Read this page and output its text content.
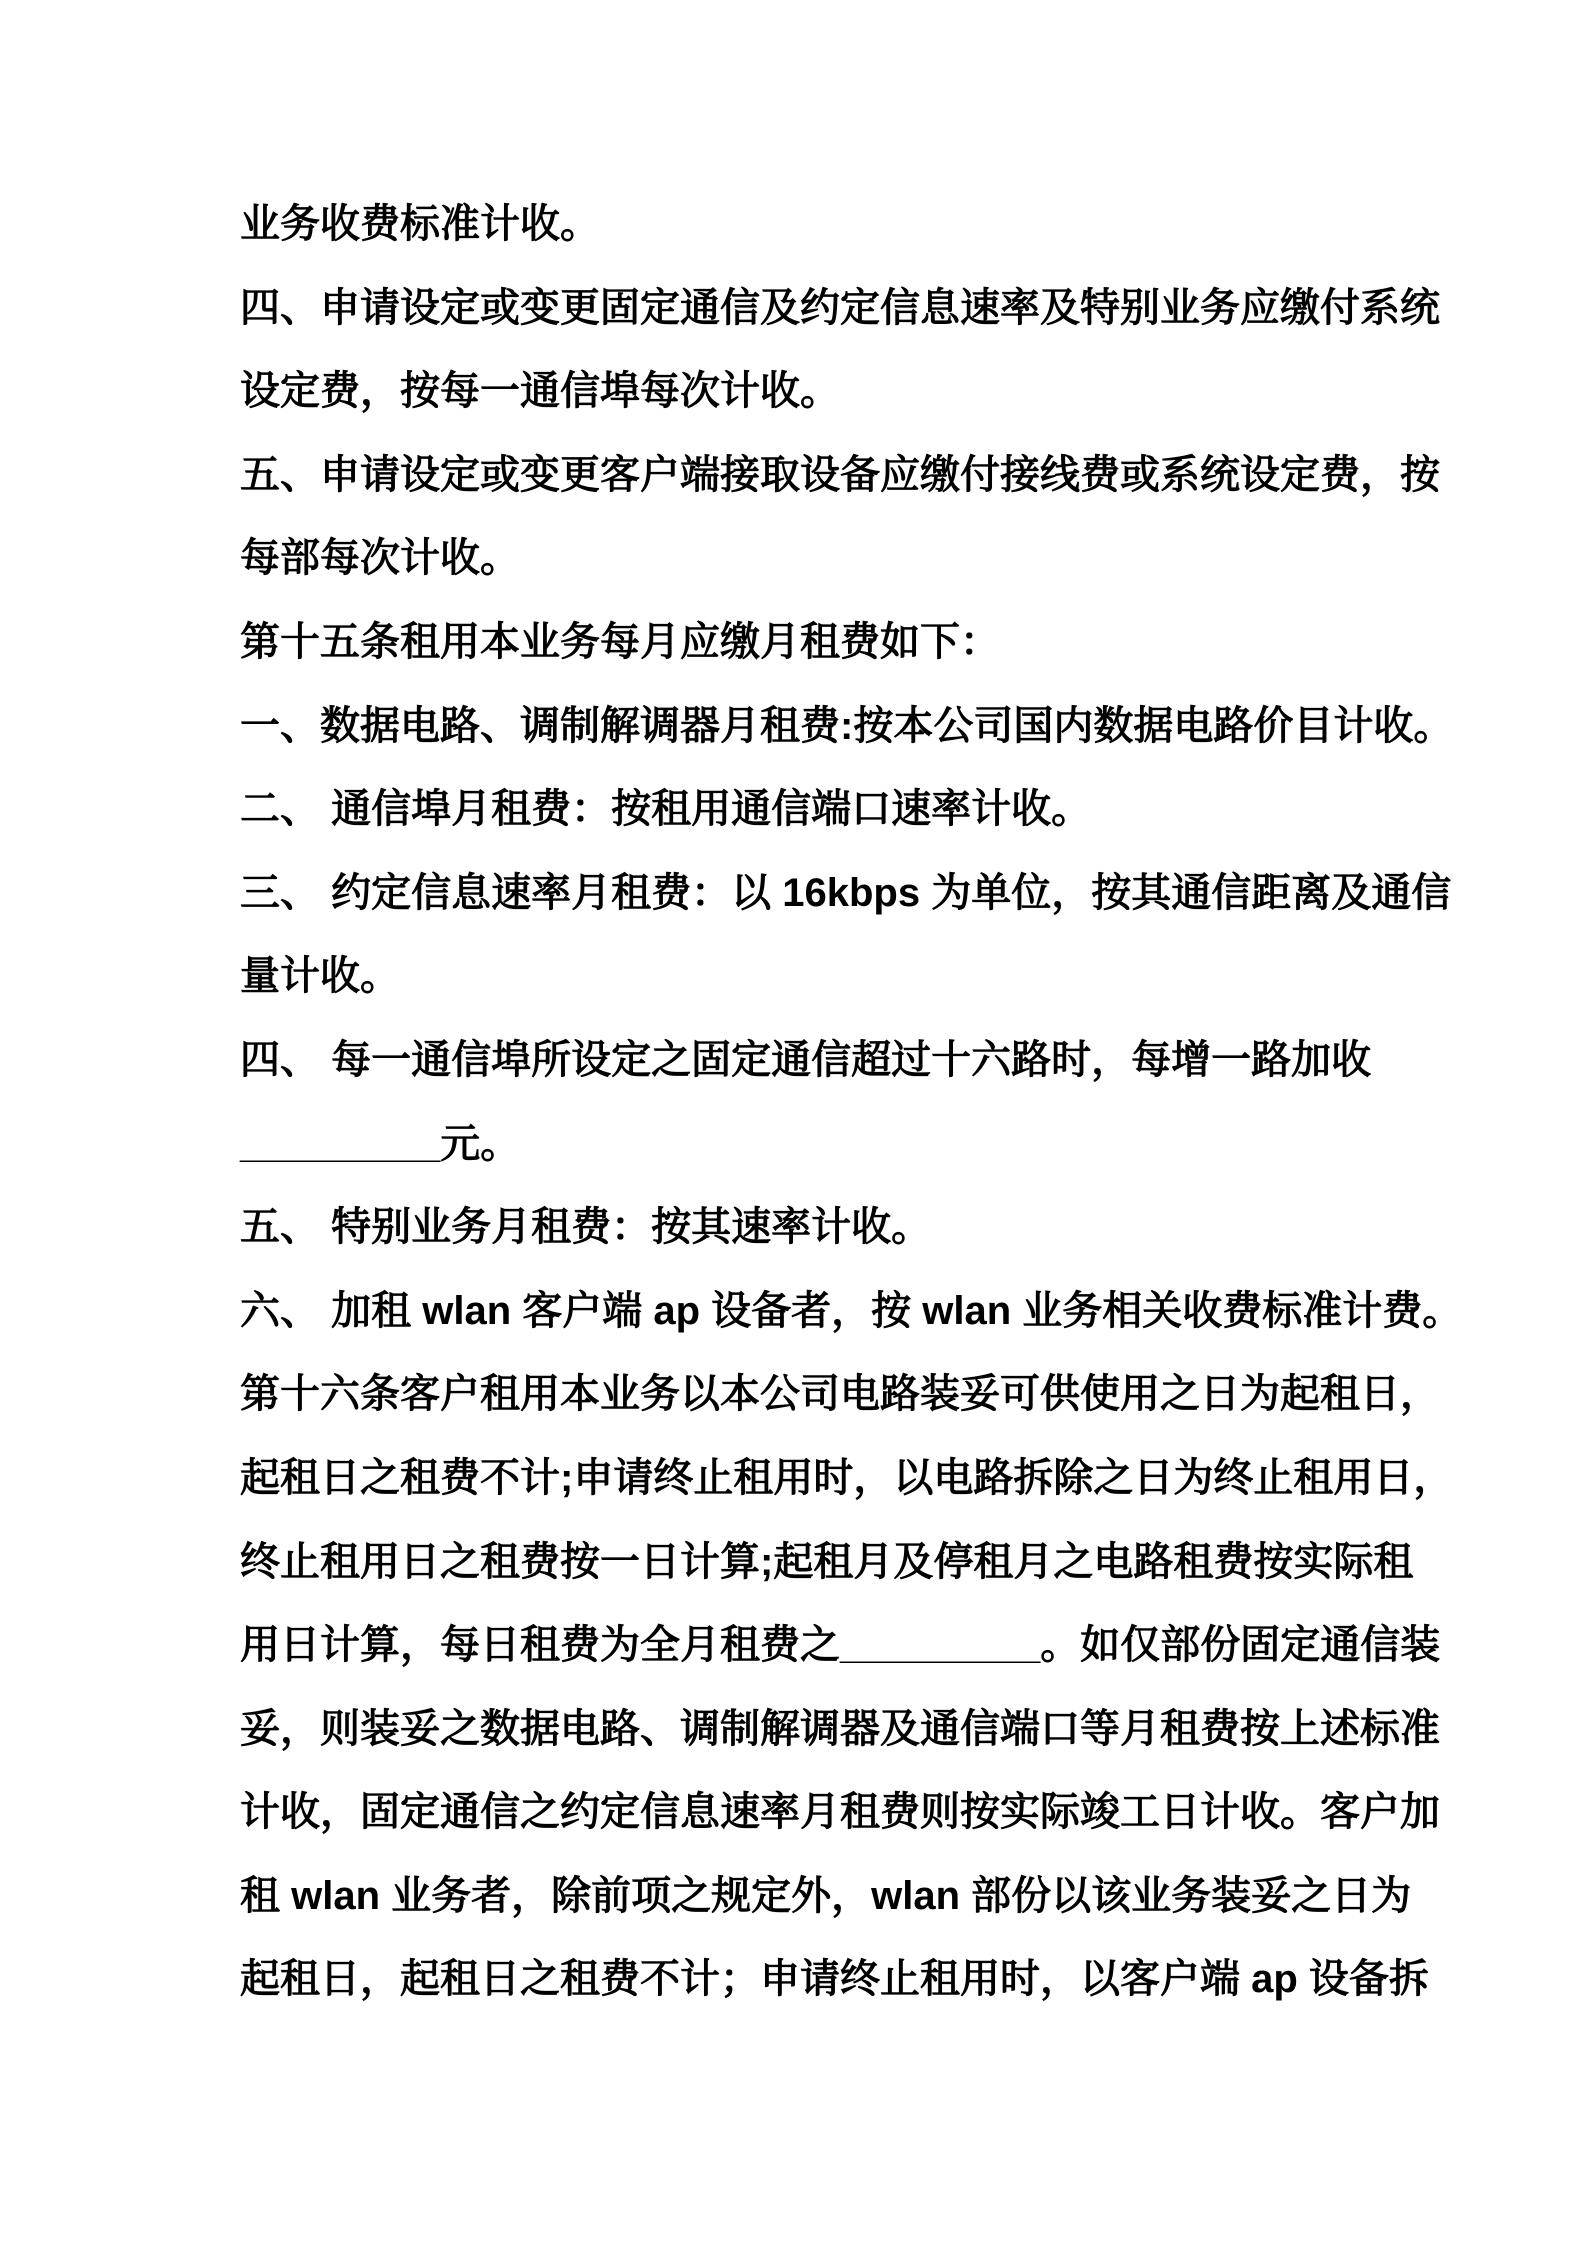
业务收费标准计收。
四、申请设定或变更固定通信及约定信息速率及特别业务应缴付系统
设定费，按每一通信埠每次计收。
五、申请设定或变更客户端接取设备应缴付接线费或系统设定费，按
每部每次计收。
第十五条租用本业务每月应缴月租费如下：
一、数据电路、调制解调器月租费:按本公司国内数据电路价目计收。
二、 通信埠月租费：按租用通信端口速率计收。
三、 约定信息速率月租费：以 16kbps 为单位，按其通信距离及通信
量计收。
四、 每一通信埠所设定之固定通信超过十六路时，每增一路加收
_________元。
五、 特别业务月租费：按其速率计收。
六、 加租 wlan 客户端 ap 设备者，按 wlan 业务相关收费标准计费。
第十六条客户租用本业务以本公司电路装妥可供使用之日为起租日，
起租日之租费不计;申请终止租用时，以电路拆除之日为终止租用日，
终止租用日之租费按一日计算;起租月及停租月之电路租费按实际租
用日计算，每日租费为全月租费之_________。如仅部份固定通信装
妥，则装妥之数据电路、调制解调器及通信端口等月租费按上述标准
计收，固定通信之约定信息速率月租费则按实际竣工日计收。客户加
租 wlan 业务者，除前项之规定外，wlan 部份以该业务装妥之日为
起租日，起租日之租费不计；申请终止租用时，以客户端 ap 设备拆
